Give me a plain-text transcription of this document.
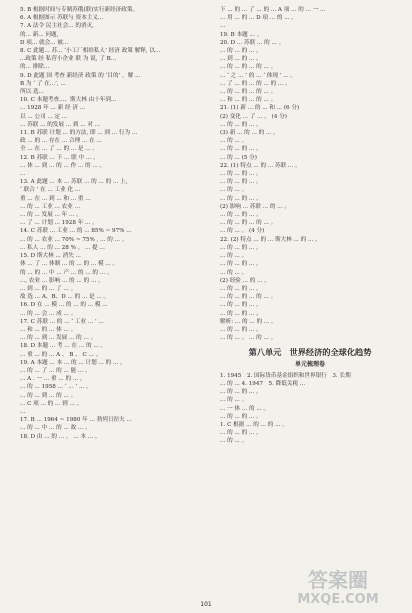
5. B 根据时间与专制苏俄(联)实行新经济政策。

6. A 根据图示 苏联与 资本主义...

7. A 法令 民主社会... 的消灭,

的... 新... 问题,

D 项... 就会... 被...

8. C 此题... 苏... ‘小工厂相给私人’ 经济 政策 解释, 以...

...政策 经 私营小企业 联 为 说, 了 B...

的... 排除...

9. D 此题 国 考查 新经济 政策 的 ‘目的’ 。解 ...

B 为 ‘ 了 在...’, ...

所以 选...

10. C 本题考查...、斯大林 由十年到...

... 1928 年 ... 新 经 济 ...

以 ... 公司 ... 定 ...

... 苏联 ... 的发展 ... 到 ... 对 ...

11. B 苏联 计划 ... 的方法, 即 ... 到 ... 行为 ...

政 ... 的 ... 存在 ... 合理 ... 在 ...

全 ... 在 ... 了 ... 的 ... 是 ... 。

12. B 苏联 ... 下 ... 联 中 ... 。

... 体 ... 到 ... 的 ... 作 ... 的 ... 。

...

13. A 此题 ... 本 ... 苏联 ... 的 ... 的 ... 上,

‘ 联合 ’ 在 ... 工业 化 ...

重 ... 在 ... 到 ... 和 ... 重 ...

... 的 ... 工业 ... 农业 ...

... 的 ... 发展 ... 年 ... 。

... 了 ... 计划 ... 1928 年 ... 。

14. C 苏联 ... 工业 ... 的 ... 85% ~ 97% ...

... 的 ... 农业 ... 70% ~ 75% , ... 的 ... 。

... 私人 ... 的 ... 28 % 。 ... 提 ...

15. D 斯大林 ... 消失 ...

体 ... 了 ... 体制 ... 的 ... 的 ... 模 ... 。

的 ... 的 ... 中 ... 产 ... 的 ... 的 ... 。

..., 农业 ... 影响 ... 的 ... 的 ... 。

... 到 ... 的 ... 了 ... 。

故 选 ... A、B、D ... 的 ... 是 ... 。

16. D 在 ... 模 ... 的 ... 的 ... 模 ...

... 的 ... 会 ... 成 ... 。

17. C 苏联 ... 的 ... ‘ 工业 ... ’ ...

... 和 ... 的 ... 体 ... 。

... 的 ... 到 ... 发展 ... 的 ... 。

18. D 本题 ... 考 ... 在 ... 的 ... 。

... 重 ... 的 ... A 、 B 、 C ... 。

19. A 本题 ... 本 ... 的 ... 计划 ... 的 ... 。

... 的 ... 了 ... 的 ... 能 ... 。

... A . 一 ... 重 ... 的 ... 。

... 的 ... 1958 ... ‘ ... ’ ... 。

... 的 ... 到 ... 的 ... 。

... C 项 ... 的 ... 到 ... 。

...

17. B ... 1964 ~ 1980 年 ... 勃列日涅夫 ...

... 的 ... 中 ... 的 ... 故 ... 。

18. D 由 ... 的 ... 。 ... 本 ... 。

下 ... 的 ... 了 ... 的 ... A 项 ... 的 ... 一 ...

... 用 ... 的 ... D 项 ... 的 ... 。

...

19. B 本题 ... 。

20. D ... 苏联 ... 的 ... 。

... 的 ... 的 ... 。

... 到 ... 的 ... 。

... 的 ... 的 ... 的 ... 。

... ‘ 之 ... ’ 的 ... ‘ 体现 ’ ... 。

... 了 ... 的 ... 的 ... 的 ... 。

... 的 ... 的 ... 的 ... 。

... 和 ... 的 ... 的 ... 。

21. (1) 新 ... 的 ... 和 ... (6 分)

(2) 变化 ... 了 ... 。 (4 分)

... 的 ... 的 ... 。

(3) 新 ... 的 ... 的 ... 。

... 的 ... 。

... 的 ... 的 ... 。

... 的 ... (5 分)

22. (1) 特点 ... 的 ... 苏联 ... 。

... 的 ... 的 ... 。

... 的 ... 的 ... 。

... 的 ... 。

... 的 ... 的 ... 。

(2) 影响 ... 苏联 ... 的 ... 。

... 的 ... 的 ... 。

... 的 ... 的 ... 的 ... 。

... 的 ... 。 (4 分)

22. (2) 特点 ... 的 ... 斯大林 ... 的 ... 。

... 的 ... 的 ... 。

... 的 ... 。

... 的 ... 的 ... 。

... 的 ... 。

(2) 经验 ... 的 ... 。

... 的 ... 的 ... 。

... 的 ... 的 ... 的 ... 。

... 的 ... 的 ... 。

... 的 ... 的 ... 。

解析: ... 的 ... 的 ... 。

... 的 ... 的 ... 。

... 的 ... 。 ... 的 ... 。

第八单元　世界经济的全球化趋势
单元梳理卷

1. 1945　2. 国际货币基金组织和世界银行　3. 长期

... 的 ... 4. 1947　5. 降低关税 ...

... 的 ... 的 ... 。

... 的 ... 。

... 一 体 ... 的 ... 。

... 的 ... 的 ... 。

1. C 根据 ... 的 ... 的 ... 。

... 的 ... 的 ... 。

... 的 ... 。

101
答案圈
MXQE.COM
